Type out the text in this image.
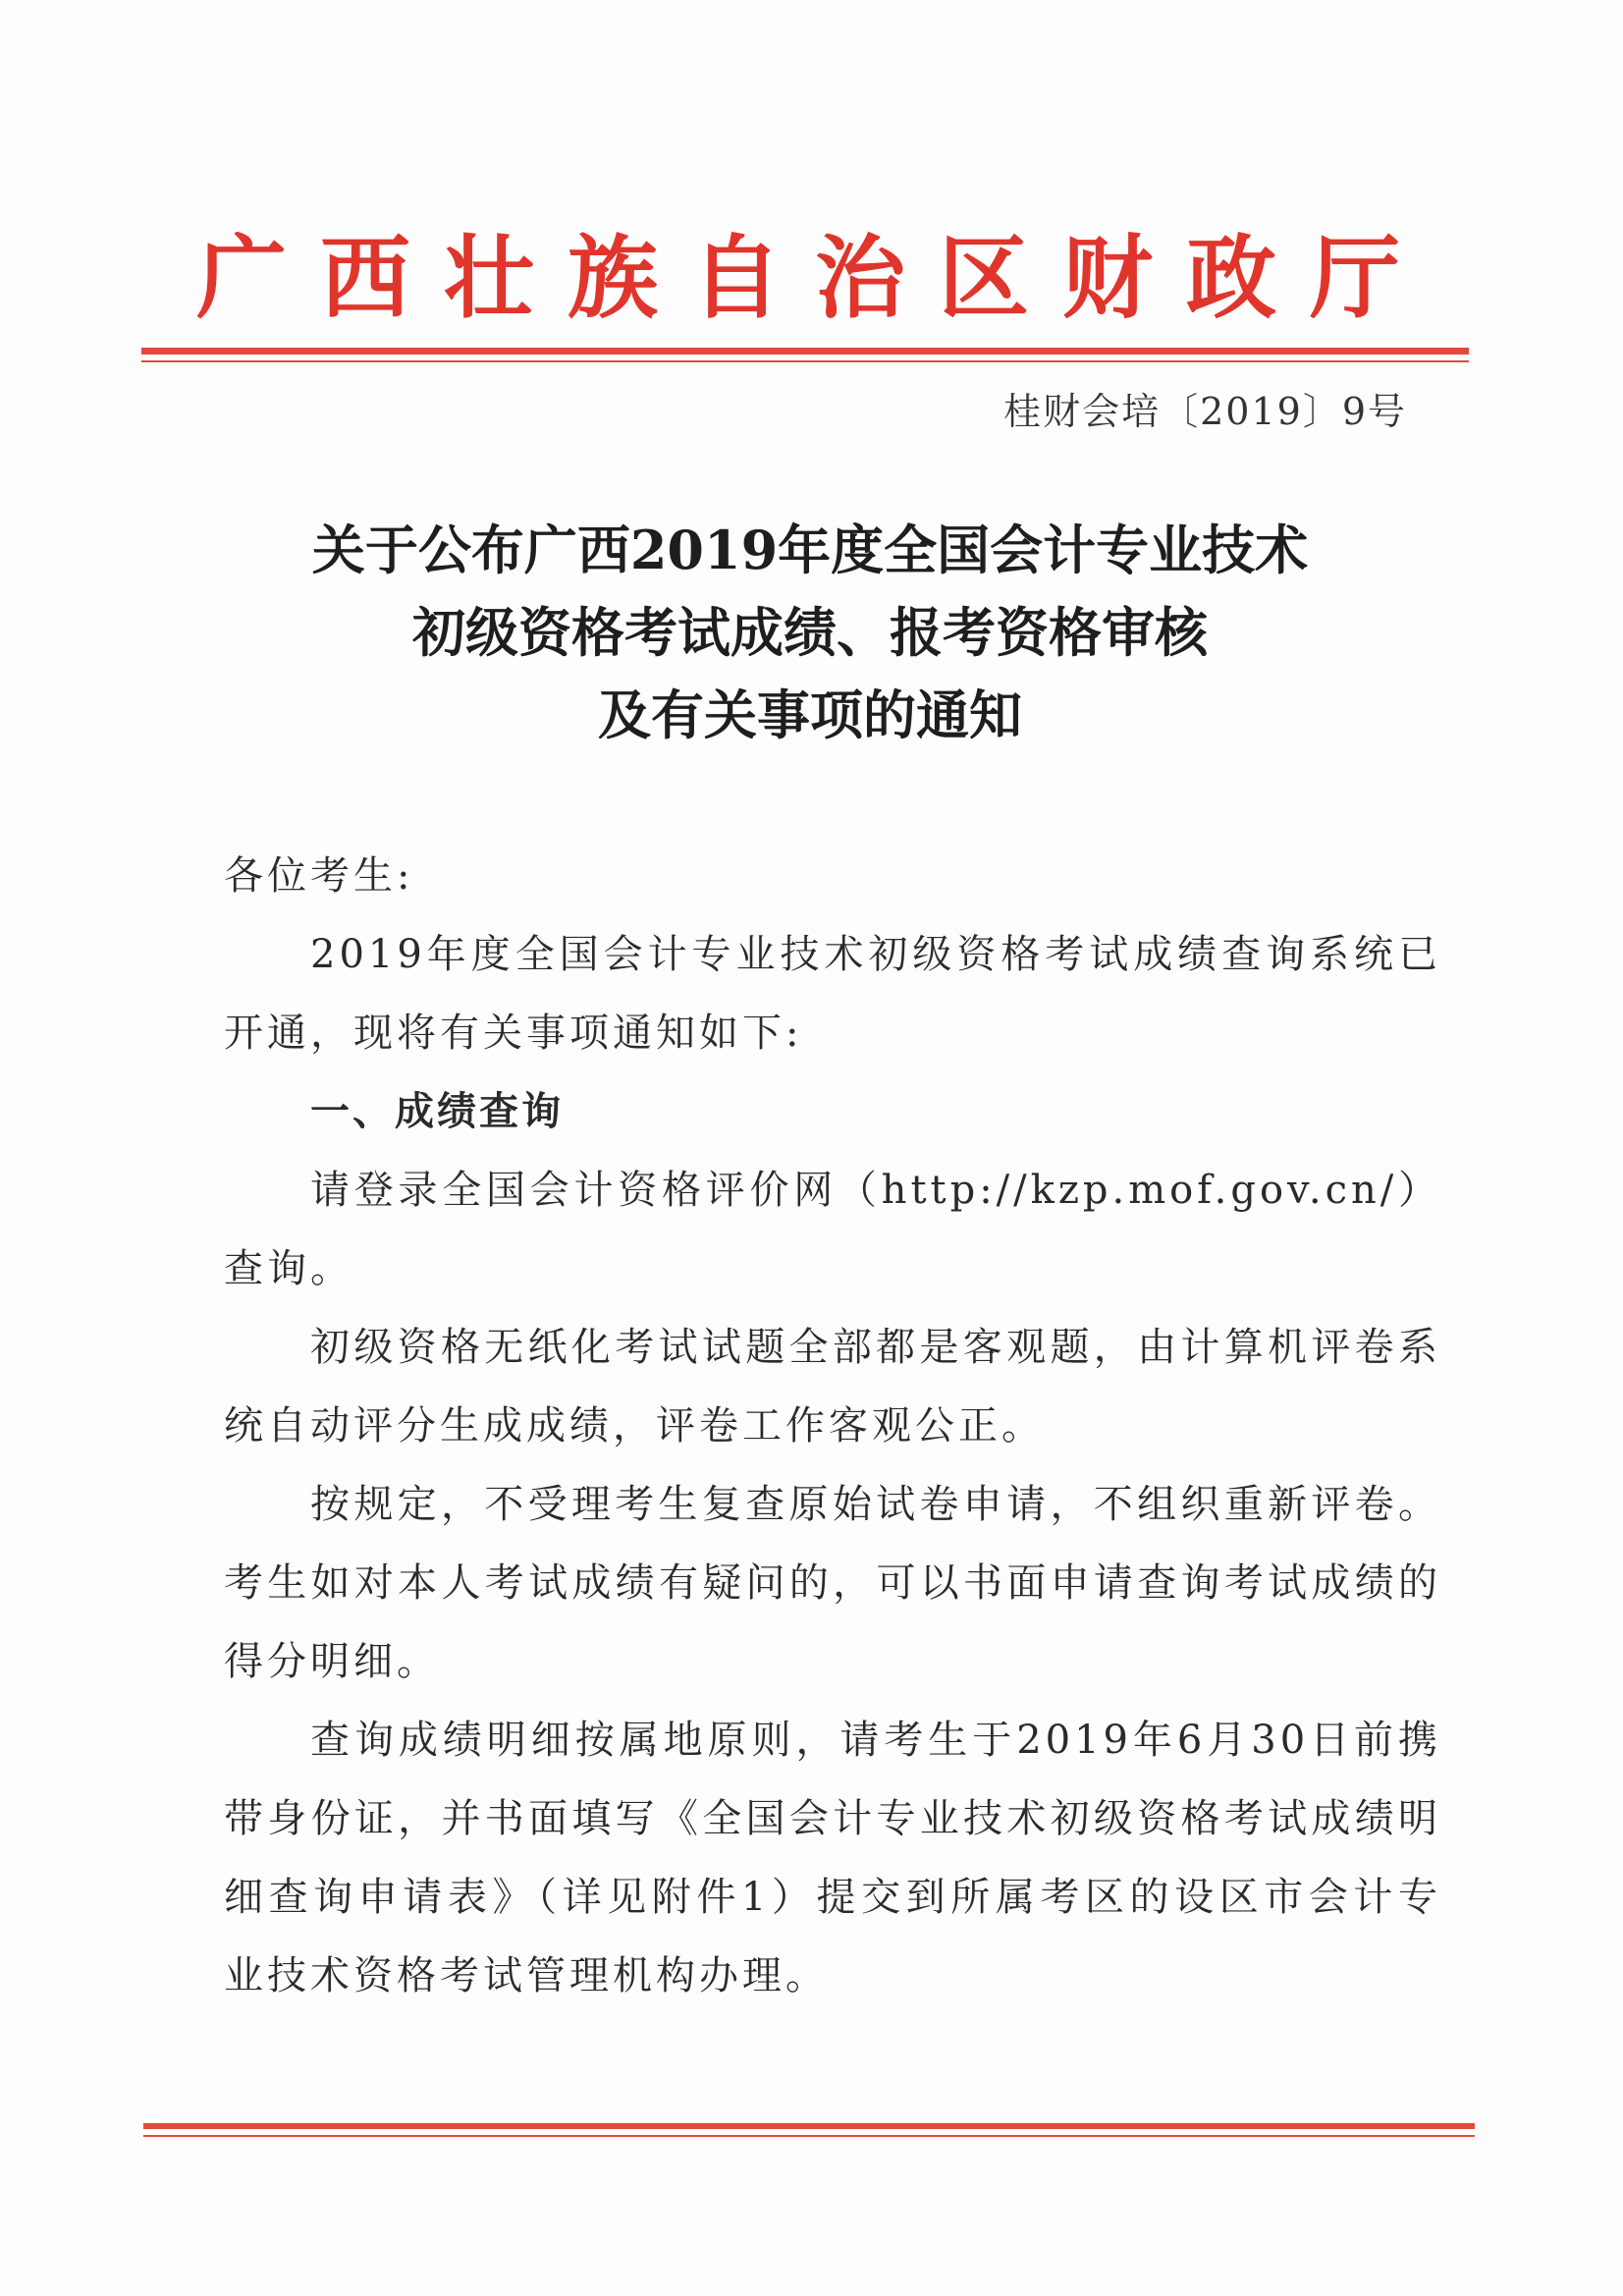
广西壮族自治区财政厅
桂财会培〔2019〕9号
关于公布广西2019年度全国会计专业技术
初级资格考试成绩、报考资格审核
及有关事项的通知

各位考生:

2019年度全国会计专业技术初级资格考试成绩查询系统已开通，现将有关事项通知如下:

一、成绩查询

请登录全国会计资格评价网（http://kzp.mof.gov.cn/）查询。

初级资格无纸化考试试题全部都是客观题，由计算机评卷系统自动评分生成成绩，评卷工作客观公正。

按规定，不受理考生复查原始试卷申请，不组织重新评卷。考生如对本人考试成绩有疑问的，可以书面申请查询考试成绩的得分明细。

查询成绩明细按属地原则，请考生于2019年6月30日前携带身份证，并书面填写《全国会计专业技术初级资格考试成绩明细查询申请表》（详见附件1）提交到所属考区的设区市会计专业技术资格考试管理机构办理。
